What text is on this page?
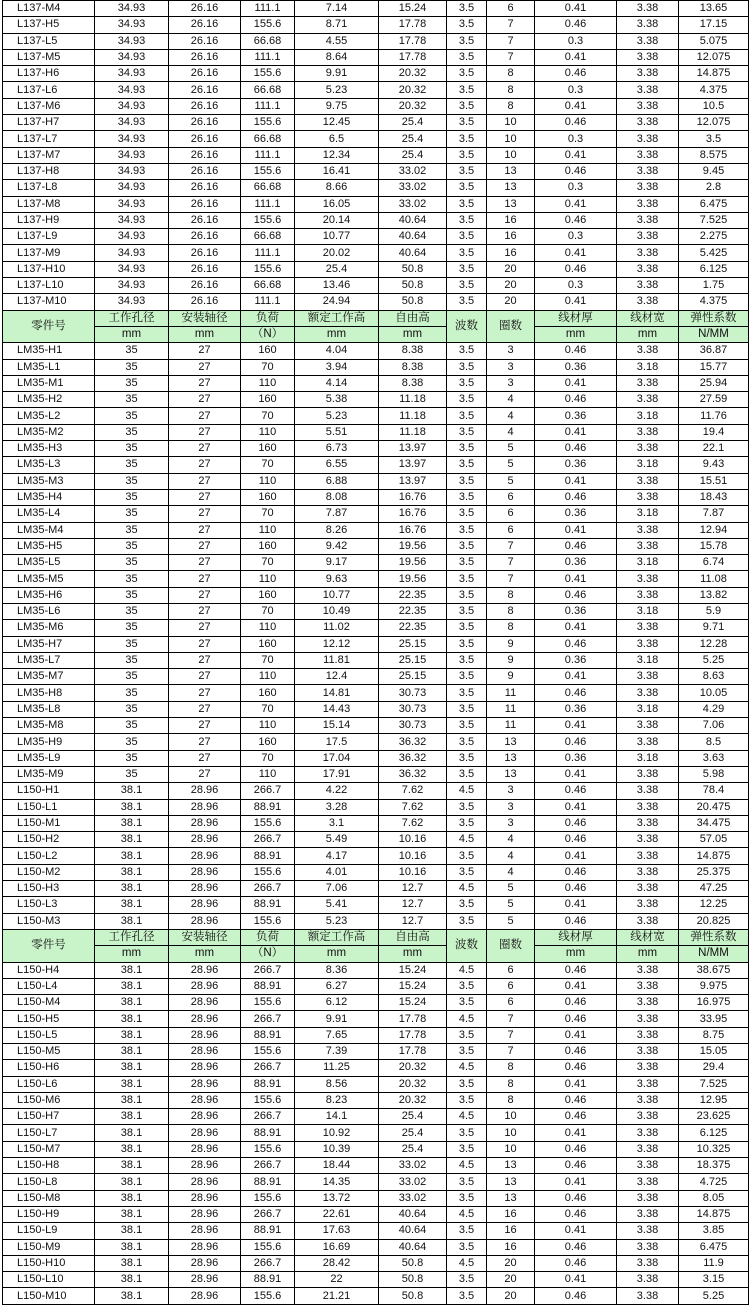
L137-M4	34.93	26.16	111.1	7.14	15.24	3.5	6	0.41	3.38	13.65
L137-H5	34.93	26.16	155.6	8.71	17.78	3.5	7	0.46	3.38	17.15
L137-L5	34.93	26.16	66.68	4.55	17.78	3.5	7	0.3	3.38	5.075
L137-M5	34.93	26.16	111.1	8.64	17.78	3.5	7	0.41	3.38	12.075
L137-H6	34.93	26.16	155.6	9.91	20.32	3.5	8	0.46	3.38	14.875
L137-L6	34.93	26.16	66.68	5.23	20.32	3.5	8	0.3	3.38	4.375
L137-M6	34.93	26.16	111.1	9.75	20.32	3.5	8	0.41	3.38	10.5
L137-H7	34.93	26.16	155.6	12.45	25.4	3.5	10	0.46	3.38	12.075
L137-L7	34.93	26.16	66.68	6.5	25.4	3.5	10	0.3	3.38	3.5
L137-M7	34.93	26.16	111.1	12.34	25.4	3.5	10	0.41	3.38	8.575
L137-H8	34.93	26.16	155.6	16.41	33.02	3.5	13	0.46	3.38	9.45
L137-L8	34.93	26.16	66.68	8.66	33.02	3.5	13	0.3	3.38	2.8
L137-M8	34.93	26.16	111.1	16.05	33.02	3.5	13	0.41	3.38	6.475
L137-H9	34.93	26.16	155.6	20.14	40.64	3.5	16	0.46	3.38	7.525
L137-L9	34.93	26.16	66.68	10.77	40.64	3.5	16	0.3	3.38	2.275
L137-M9	34.93	26.16	111.1	20.02	40.64	3.5	16	0.41	3.38	5.425
L137-H10	34.93	26.16	155.6	25.4	50.8	3.5	20	0.46	3.38	6.125
L137-L10	34.93	26.16	66.68	13.46	50.8	3.5	20	0.3	3.38	1.75
L137-M10	34.93	26.16	111.1	24.94	50.8	3.5	20	0.41	3.38	4.375
零件号	工作孔径	安装轴径	负荷	额定工作高	自由高	波数	圈数	线材厚	线材宽	弹性系数
	mm	mm	（N）	mm	mm			mm	mm	N/MM
LM35-H1	35	27	160	4.04	8.38	3.5	3	0.46	3.38	36.87
LM35-L1	35	27	70	3.94	8.38	3.5	3	0.36	3.18	15.77
LM35-M1	35	27	110	4.14	8.38	3.5	3	0.41	3.38	25.94
LM35-H2	35	27	160	5.38	11.18	3.5	4	0.46	3.38	27.59
LM35-L2	35	27	70	5.23	11.18	3.5	4	0.36	3.18	11.76
LM35-M2	35	27	110	5.51	11.18	3.5	4	0.41	3.38	19.4
LM35-H3	35	27	160	6.73	13.97	3.5	5	0.46	3.38	22.1
LM35-L3	35	27	70	6.55	13.97	3.5	5	0.36	3.18	9.43
LM35-M3	35	27	110	6.88	13.97	3.5	5	0.41	3.38	15.51
LM35-H4	35	27	160	8.08	16.76	3.5	6	0.46	3.38	18.43
LM35-L4	35	27	70	7.87	16.76	3.5	6	0.36	3.18	7.87
LM35-M4	35	27	110	8.26	16.76	3.5	6	0.41	3.38	12.94
LM35-H5	35	27	160	9.42	19.56	3.5	7	0.46	3.38	15.78
LM35-L5	35	27	70	9.17	19.56	3.5	7	0.36	3.18	6.74
LM35-M5	35	27	110	9.63	19.56	3.5	7	0.41	3.38	11.08
LM35-H6	35	27	160	10.77	22.35	3.5	8	0.46	3.38	13.82
LM35-L6	35	27	70	10.49	22.35	3.5	8	0.36	3.18	5.9
LM35-M6	35	27	110	11.02	22.35	3.5	8	0.41	3.38	9.71
LM35-H7	35	27	160	12.12	25.15	3.5	9	0.46	3.38	12.28
LM35-L7	35	27	70	11.81	25.15	3.5	9	0.36	3.18	5.25
LM35-M7	35	27	110	12.4	25.15	3.5	9	0.41	3.38	8.63
LM35-H8	35	27	160	14.81	30.73	3.5	11	0.46	3.38	10.05
LM35-L8	35	27	70	14.43	30.73	3.5	11	0.36	3.18	4.29
LM35-M8	35	27	110	15.14	30.73	3.5	11	0.41	3.38	7.06
LM35-H9	35	27	160	17.5	36.32	3.5	13	0.46	3.38	8.5
LM35-L9	35	27	70	17.04	36.32	3.5	13	0.36	3.18	3.63
LM35-M9	35	27	110	17.91	36.32	3.5	13	0.41	3.38	5.98
L150-H1	38.1	28.96	266.7	4.22	7.62	4.5	3	0.46	3.38	78.4
L150-L1	38.1	28.96	88.91	3.28	7.62	3.5	3	0.41	3.38	20.475
L150-M1	38.1	28.96	155.6	3.1	7.62	3.5	3	0.46	3.38	34.475
L150-H2	38.1	28.96	266.7	5.49	10.16	4.5	4	0.46	3.38	57.05
L150-L2	38.1	28.96	88.91	4.17	10.16	3.5	4	0.41	3.38	14.875
L150-M2	38.1	28.96	155.6	4.01	10.16	3.5	4	0.46	3.38	25.375
L150-H3	38.1	28.96	266.7	7.06	12.7	4.5	5	0.46	3.38	47.25
L150-L3	38.1	28.96	88.91	5.41	12.7	3.5	5	0.41	3.38	12.25
L150-M3	38.1	28.96	155.6	5.23	12.7	3.5	5	0.46	3.38	20.825
零件号	工作孔径	安装轴径	负荷	额定工作高	自由高	波数	圈数	线材厚	线材宽	弹性系数
	mm	mm	（N）	mm	mm			mm	mm	N/MM
L150-H4	38.1	28.96	266.7	8.36	15.24	4.5	6	0.46	3.38	38.675
L150-L4	38.1	28.96	88.91	6.27	15.24	3.5	6	0.41	3.38	9.975
L150-M4	38.1	28.96	155.6	6.12	15.24	3.5	6	0.46	3.38	16.975
L150-H5	38.1	28.96	266.7	9.91	17.78	4.5	7	0.46	3.38	33.95
L150-L5	38.1	28.96	88.91	7.65	17.78	3.5	7	0.41	3.38	8.75
L150-M5	38.1	28.96	155.6	7.39	17.78	3.5	7	0.46	3.38	15.05
L150-H6	38.1	28.96	266.7	11.25	20.32	4.5	8	0.46	3.38	29.4
L150-L6	38.1	28.96	88.91	8.56	20.32	3.5	8	0.41	3.38	7.525
L150-M6	38.1	28.96	155.6	8.23	20.32	3.5	8	0.46	3.38	12.95
L150-H7	38.1	28.96	266.7	14.1	25.4	4.5	10	0.46	3.38	23.625
L150-L7	38.1	28.96	88.91	10.92	25.4	3.5	10	0.41	3.38	6.125
L150-M7	38.1	28.96	155.6	10.39	25.4	3.5	10	0.46	3.38	10.325
L150-H8	38.1	28.96	266.7	18.44	33.02	4.5	13	0.46	3.38	18.375
L150-L8	38.1	28.96	88.91	14.35	33.02	3.5	13	0.41	3.38	4.725
L150-M8	38.1	28.96	155.6	13.72	33.02	3.5	13	0.46	3.38	8.05
L150-H9	38.1	28.96	266.7	22.61	40.64	4.5	16	0.46	3.38	14.875
L150-L9	38.1	28.96	88.91	17.63	40.64	3.5	16	0.41	3.38	3.85
L150-M9	38.1	28.96	155.6	16.69	40.64	3.5	16	0.46	3.38	6.475
L150-H10	38.1	28.96	266.7	28.42	50.8	4.5	20	0.46	3.38	11.9
L150-L10	38.1	28.96	88.91	22	50.8	3.5	20	0.41	3.38	3.15
L150-M10	38.1	28.96	155.6	21.21	50.8	3.5	20	0.46	3.38	5.25
